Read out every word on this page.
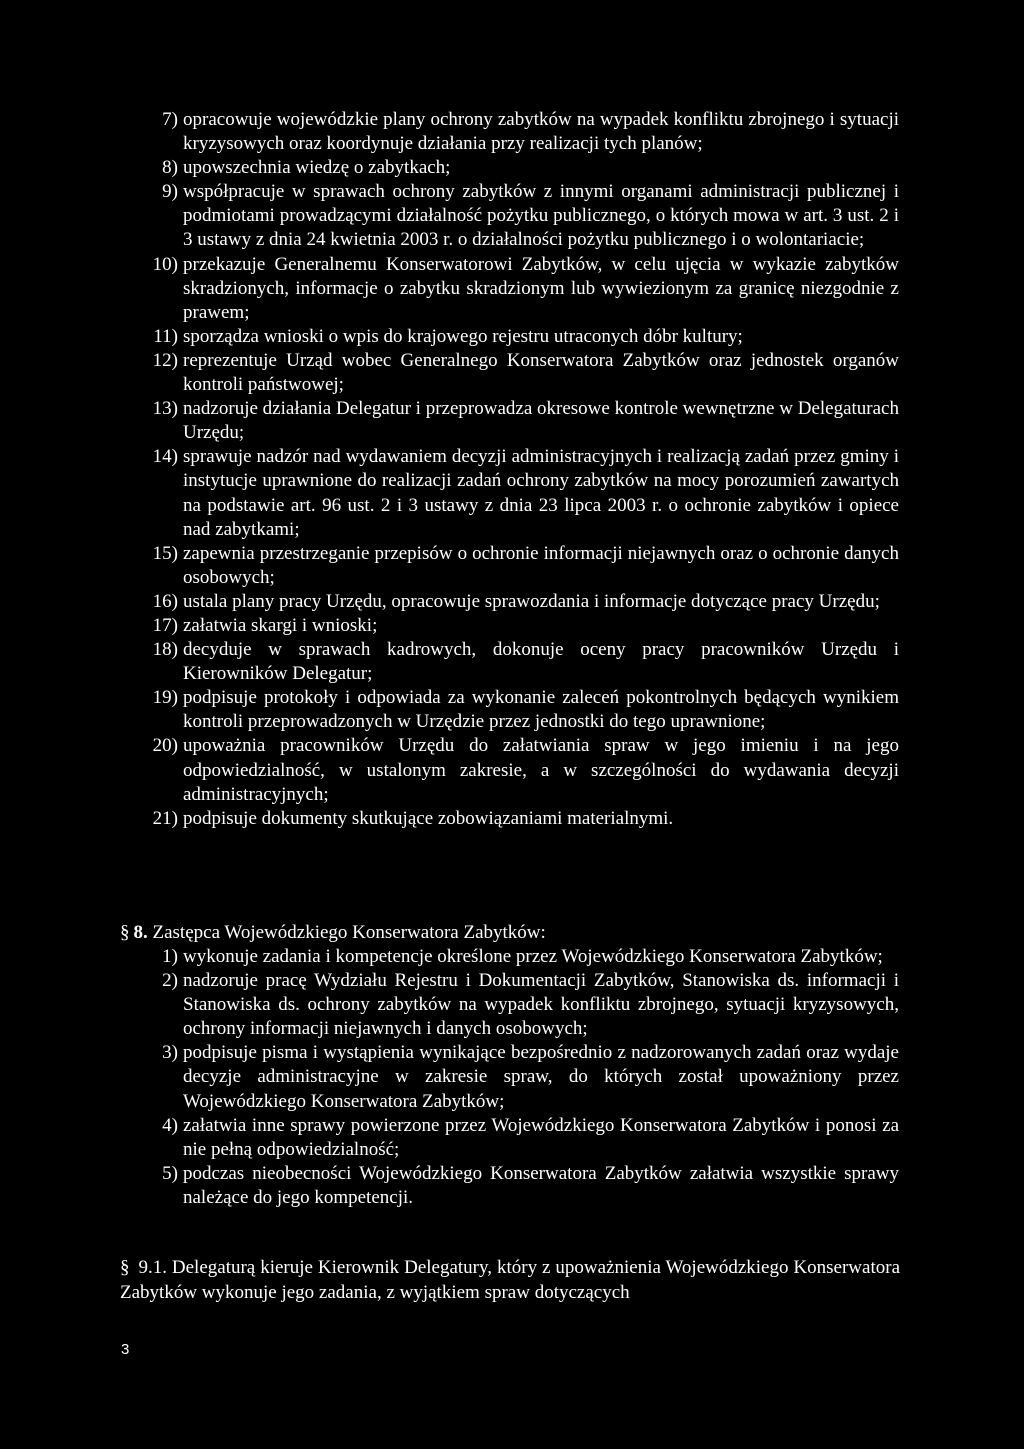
7) opracowuje wojewódzkie plany ochrony zabytków na wypadek konfliktu zbrojnego i sytuacji kryzysowych oraz koordynuje działania przy realizacji tych planów;
8) upowszechnia wiedzę o zabytkach;
9) współpracuje w sprawach ochrony zabytków z innymi organami administracji publicznej i podmiotami prowadzącymi działalność pożytku publicznego, o których mowa w art. 3 ust. 2 i 3 ustawy z dnia 24 kwietnia 2003 r. o działalności pożytku publicznego i o wolontariacie;
10) przekazuje Generalnemu Konserwatorowi Zabytków, w celu ujęcia w wykazie zabytków skradzionych, informacje o zabytku skradzionym lub wywiezionym za granicę niezgodnie z prawem;
11) sporządza wnioski o wpis do krajowego rejestru utraconych dóbr kultury;
12) reprezentuje Urząd wobec Generalnego Konserwatora Zabytków oraz jednostek organów kontroli państwowej;
13) nadzoruje działania Delegatur i przeprowadza okresowe kontrole wewnętrzne w Delegaturach Urzędu;
14) sprawuje nadzór nad wydawaniem decyzji administracyjnych i realizacją zadań przez gminy i instytucje uprawnione do realizacji zadań ochrony zabytków na mocy porozumień zawartych na podstawie art. 96 ust. 2 i 3 ustawy z dnia 23 lipca 2003 r. o ochronie zabytków i opiece nad zabytkami;
15) zapewnia przestrzeganie przepisów o ochronie informacji niejawnych oraz o ochronie danych osobowych;
16) ustala plany pracy Urzędu, opracowuje sprawozdania i informacje dotyczące pracy Urzędu;
17) załatwia skargi i wnioski;
18) decyduje w sprawach kadrowych, dokonuje oceny pracy pracowników Urzędu i Kierowników Delegatur;
19) podpisuje protokoły i odpowiada za wykonanie zaleceń pokontrolnych będących wynikiem kontroli przeprowadzonych w Urzędzie przez jednostki do tego uprawnione;
20) upoważnia pracowników Urzędu do załatwiania spraw w jego imieniu i na jego odpowiedzialność, w ustalonym zakresie, a w szczególności do wydawania decyzji administracyjnych;
21) podpisuje dokumenty skutkujące zobowiązaniami materialnymi.
§ 8. Zastępca Wojewódzkiego Konserwatora Zabytków:
1) wykonuje zadania i kompetencje określone przez Wojewódzkiego Konserwatora Zabytków;
2) nadzoruje pracę Wydziału Rejestru i Dokumentacji Zabytków, Stanowiska ds. informacji i Stanowiska ds. ochrony zabytków na wypadek konfliktu zbrojnego, sytuacji kryzysowych, ochrony informacji niejawnych i danych osobowych;
3) podpisuje pisma i wystąpienia wynikające bezpośrednio z nadzorowanych zadań oraz wydaje decyzje administracyjne w zakresie spraw, do których został upoważniony przez Wojewódzkiego Konserwatora Zabytków;
4) załatwia inne sprawy powierzone przez Wojewódzkiego Konserwatora Zabytków i ponosi za nie pełną odpowiedzialność;
5) podczas nieobecności Wojewódzkiego Konserwatora Zabytków załatwia wszystkie sprawy należące do jego kompetencji.
§ 9.1. Delegaturą kieruje Kierownik Delegatury, który z upoważnienia Wojewódzkiego Konserwatora Zabytków wykonuje jego zadania, z wyjątkiem spraw dotyczących
3
